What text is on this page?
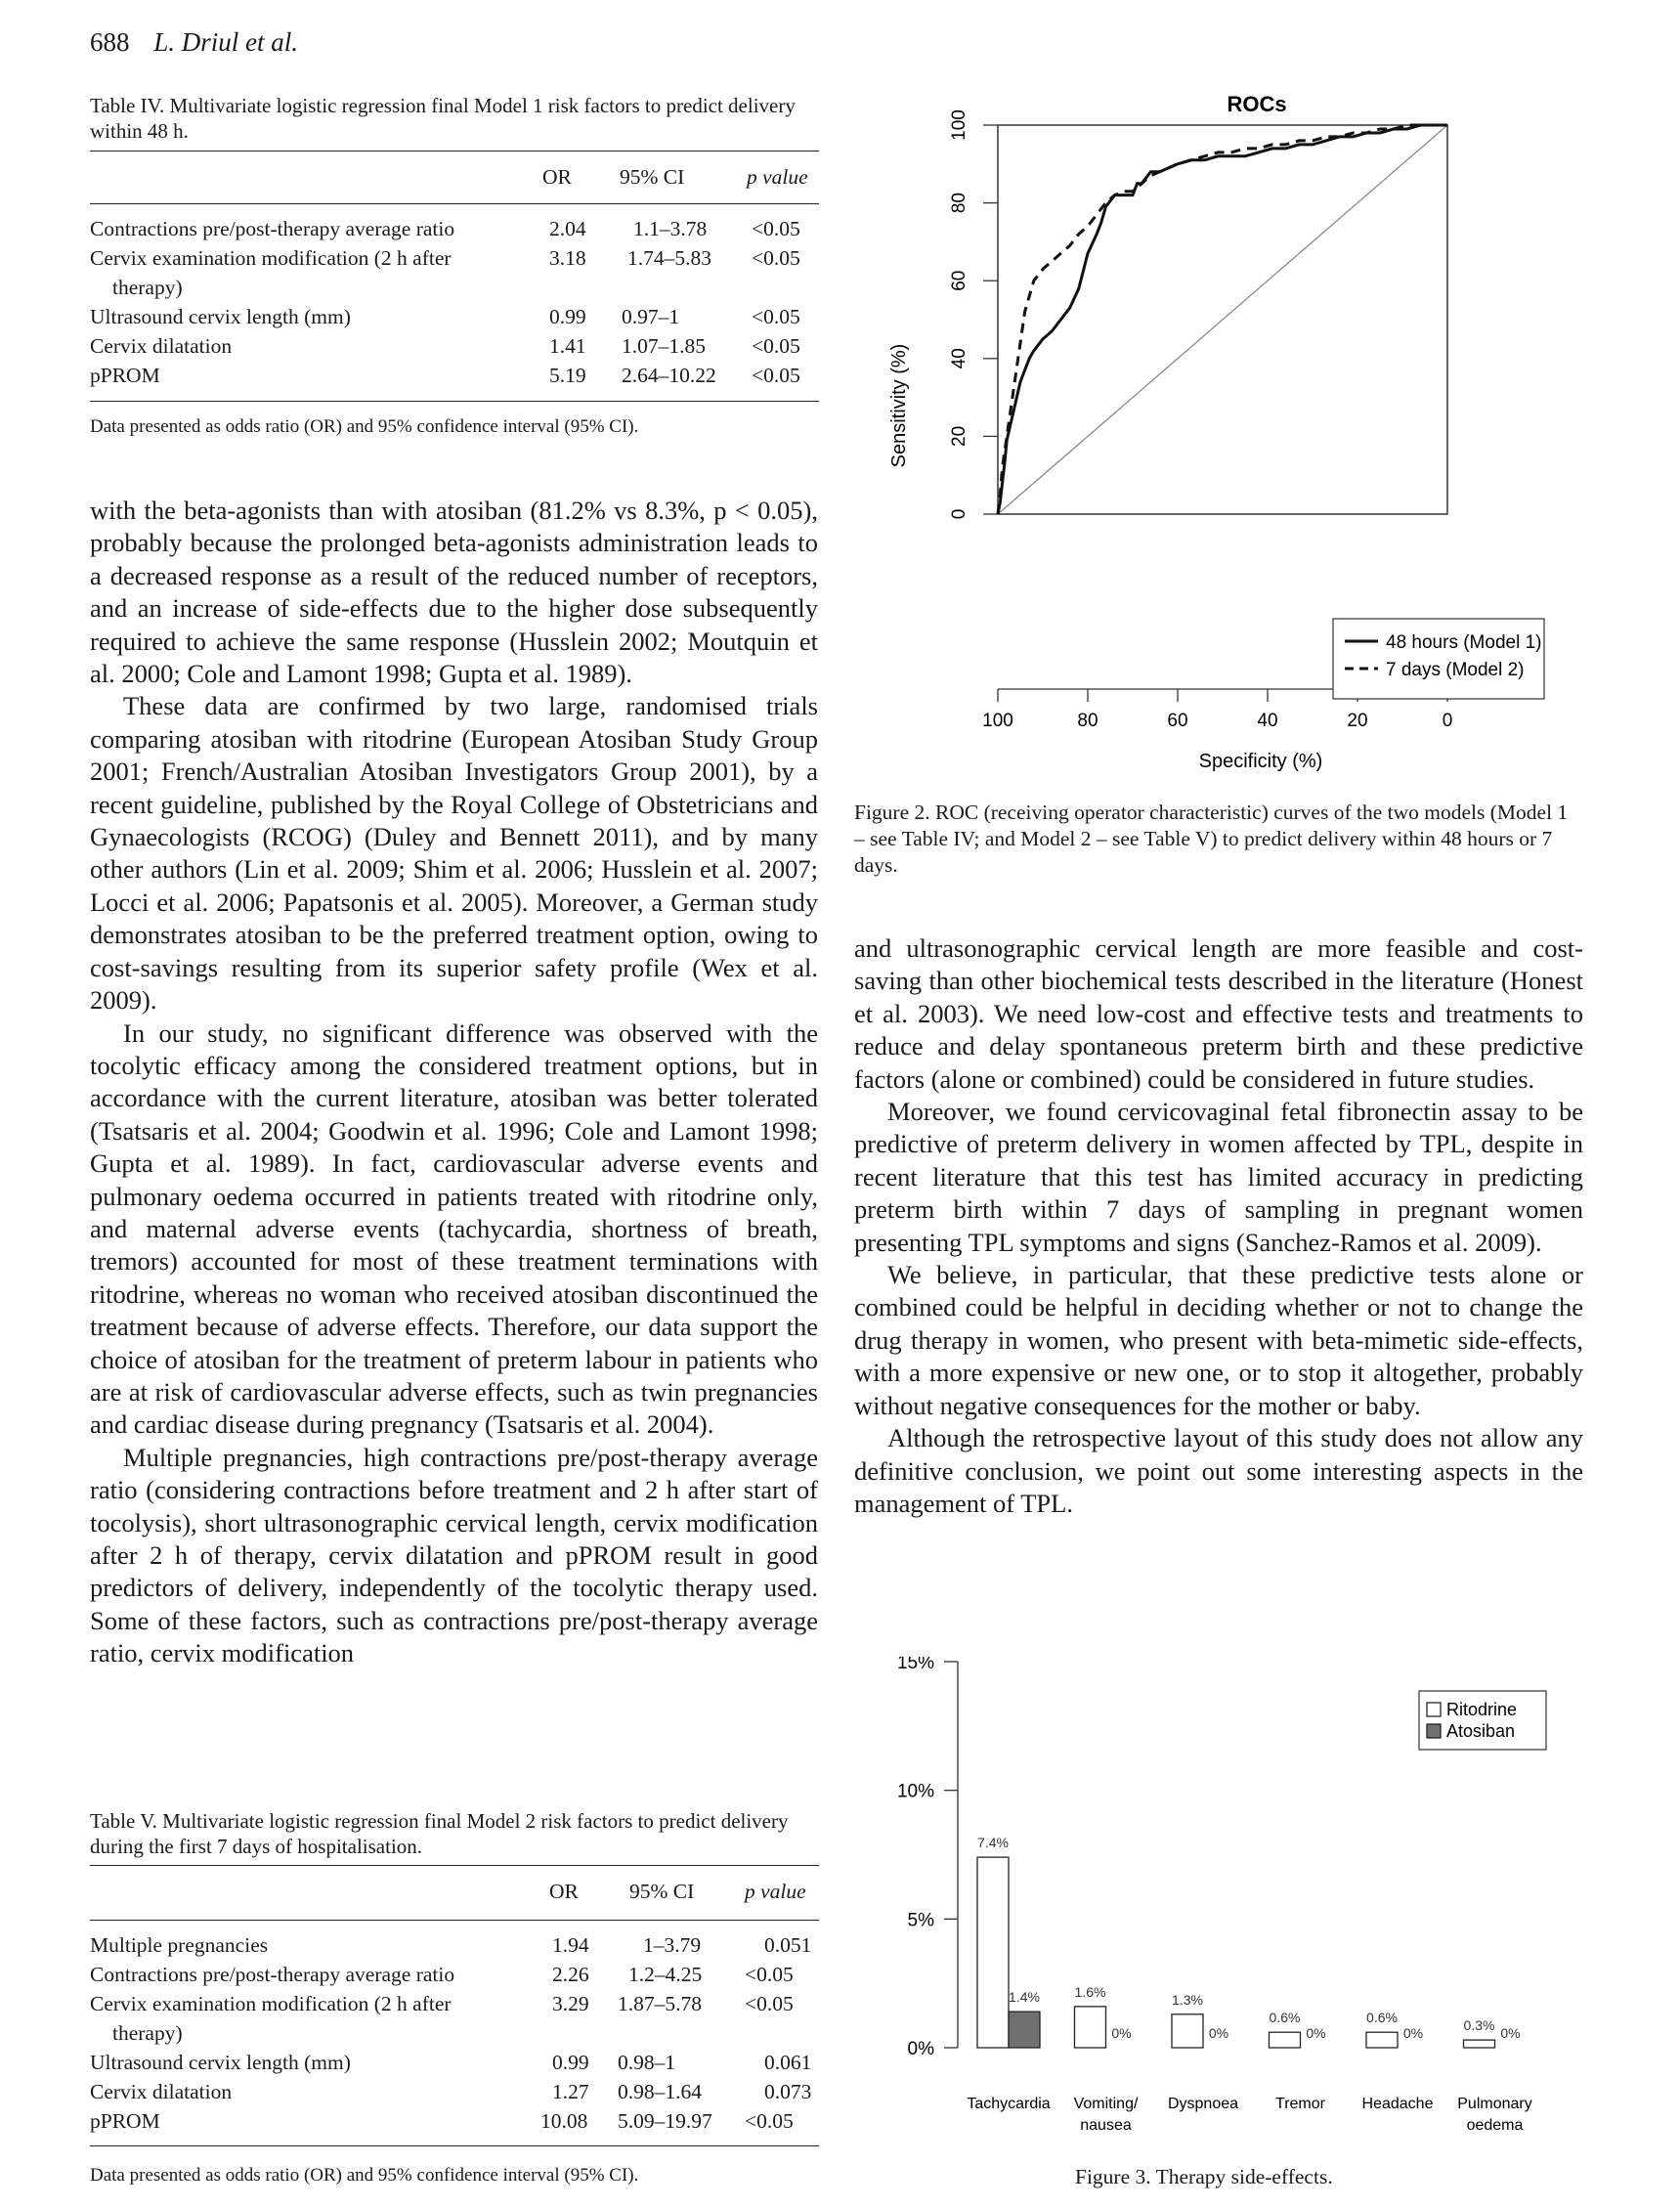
688 L. Driul et al.
Table IV. Multivariate logistic regression final Model 1 risk factors to predict delivery within 48 h.
OR 95% CI	p value
Contractions pre/post-therapy average ratio	2.04 1.1–3.78 <0.05
Cervix examination modification (2 h after
therapy)
3.18 1.74–5.83 <0.05
Ultrasound cervix length (mm)	0.99 0.97–1	<0.05
Cervix dilatation	1.41 1.07–1.85 <0.05
pPROM	5.19 2.64–10.22 <0.05
Data presented as odds ratio (OR) and 95% confidence interval (95% CI).

with the beta-agonists than with atosiban (81.2% vs 8.3%, p < 0.05), probably because the prolonged beta-agonists administration leads to a decreased response as a result of the reduced number of receptors, and an increase of side-effects due to the higher dose subsequently required to achieve the same response (Husslein 2002; Moutquin et al. 2000; Cole and Lamont 1998; Gupta et al. 1989).

These data are confirmed by two large, randomised trials comparing atosiban with ritodrine (European Atosiban Study Group 2001; French/Australian Atosiban Investigators Group 2001), by a recent guideline, published by the Royal College of Obstetricians and Gynaecologists (RCOG) (Duley and Bennett 2011), and by many other authors (Lin et al. 2009; Shim et al. 2006; Husslein et al. 2007; Locci et al. 2006; Papatsonis et al. 2005). Moreover, a German study demonstrates atosiban to be the preferred treatment option, owing to cost-savings resulting from its superior safety profile (Wex et al. 2009).

In our study, no significant difference was observed with the tocolytic efficacy among the considered treatment options, but in accordance with the current literature, atosiban was better tolerated (Tsatsaris et al. 2004; Goodwin et al. 1996; Cole and Lamont 1998; Gupta et al. 1989). In fact, cardiovascular adverse events and pulmonary oedema occurred in patients treated with ritodrine only, and maternal adverse events (tachycardia, shortness of breath, tremors) accounted for most of these treatment terminations with ritodrine, whereas no woman who received atosiban discontinued the treatment because of adverse effects. Therefore, our data support the choice of atosiban for the treatment of preterm labour in patients who are at risk of cardiovascular adverse effects, such as twin pregnancies and cardiac disease during pregnancy (Tsatsaris et al. 2004).

Multiple pregnancies, high contractions pre/post-therapy average ratio (considering contractions before treatment and 2 h after start of tocolysis), short ultrasonographic cervical length, cervix modification after 2 h of therapy, cervix dilatation and pPROM result in good predictors of delivery, independently of the tocolytic therapy used. Some of these factors, such as contractions pre/post-therapy average ratio, cervix modification

Table V. Multivariate logistic regression final Model 2 risk factors to predict delivery during the first 7 days of hospitalisation.
OR 95% CI p value
Multiple pregnancies	1.94	1–3.79	0.051
Contractions pre/post-therapy average ratio	2.26 1.2–4.25 <0.05
Cervix examination modification (2 h after
therapy)
3.29 1.87–5.78 <0.05
Ultrasound cervix length (mm)	0.99 0.98–1	0.061
Cervix dilatation	1.27 0.98–1.64	0.073
pPROM	10.08 5.09–19.97 <0.05
Data presented as odds ratio (OR) and 95% confidence interval (95% CI).
ROCs
0
20
40
60
80
100
100	80	60	40	20	0
Specificity (%)
Sensitivity (%)
48 hours (Model 1)
7 days (Model 2)
Figure 2. ROC (receiving operator characteristic) curves of the two models (Model 1 – see Table IV; and Model 2 – see Table V) to predict delivery within 48 hours or 7 days.

and ultrasonographic cervical length are more feasible and cost-saving than other biochemical tests described in the literature (Honest et al. 2003). We need low-cost and effective tests and treatments to reduce and delay spontaneous preterm birth and these predictive factors (alone or combined) could be considered in future studies.

Moreover, we found cervicovaginal fetal fibronectin assay to be predictive of preterm delivery in women affected by TPL, despite in recent literature that this test has limited accuracy in predicting preterm birth within 7 days of sampling in pregnant women presenting TPL symptoms and signs (Sanchez-Ramos et al. 2009).

We believe, in particular, that these predictive tests alone or combined could be helpful in deciding whether or not to change the drug therapy in women, who present with beta-mimetic side-effects, with a more expensive or new one, or to stop it altogether, probably without negative consequences for the mother or baby.

Although the retrospective layout of this study does not allow any definitive conclusion, we point out some interesting aspects in the management of TPL.

0%
5%
10%
15%
7.4%
1.4%	1.6%
0%
1.3%
0%
0.6%
0%
0.6%
0%	0.3% 0%
Tachycardia Vomiting/
nausea
Dyspnoea Tremor Headache Pulmonary
oedema
Ritodrine
Atosiban
Figure 3. Therapy side-effects.
